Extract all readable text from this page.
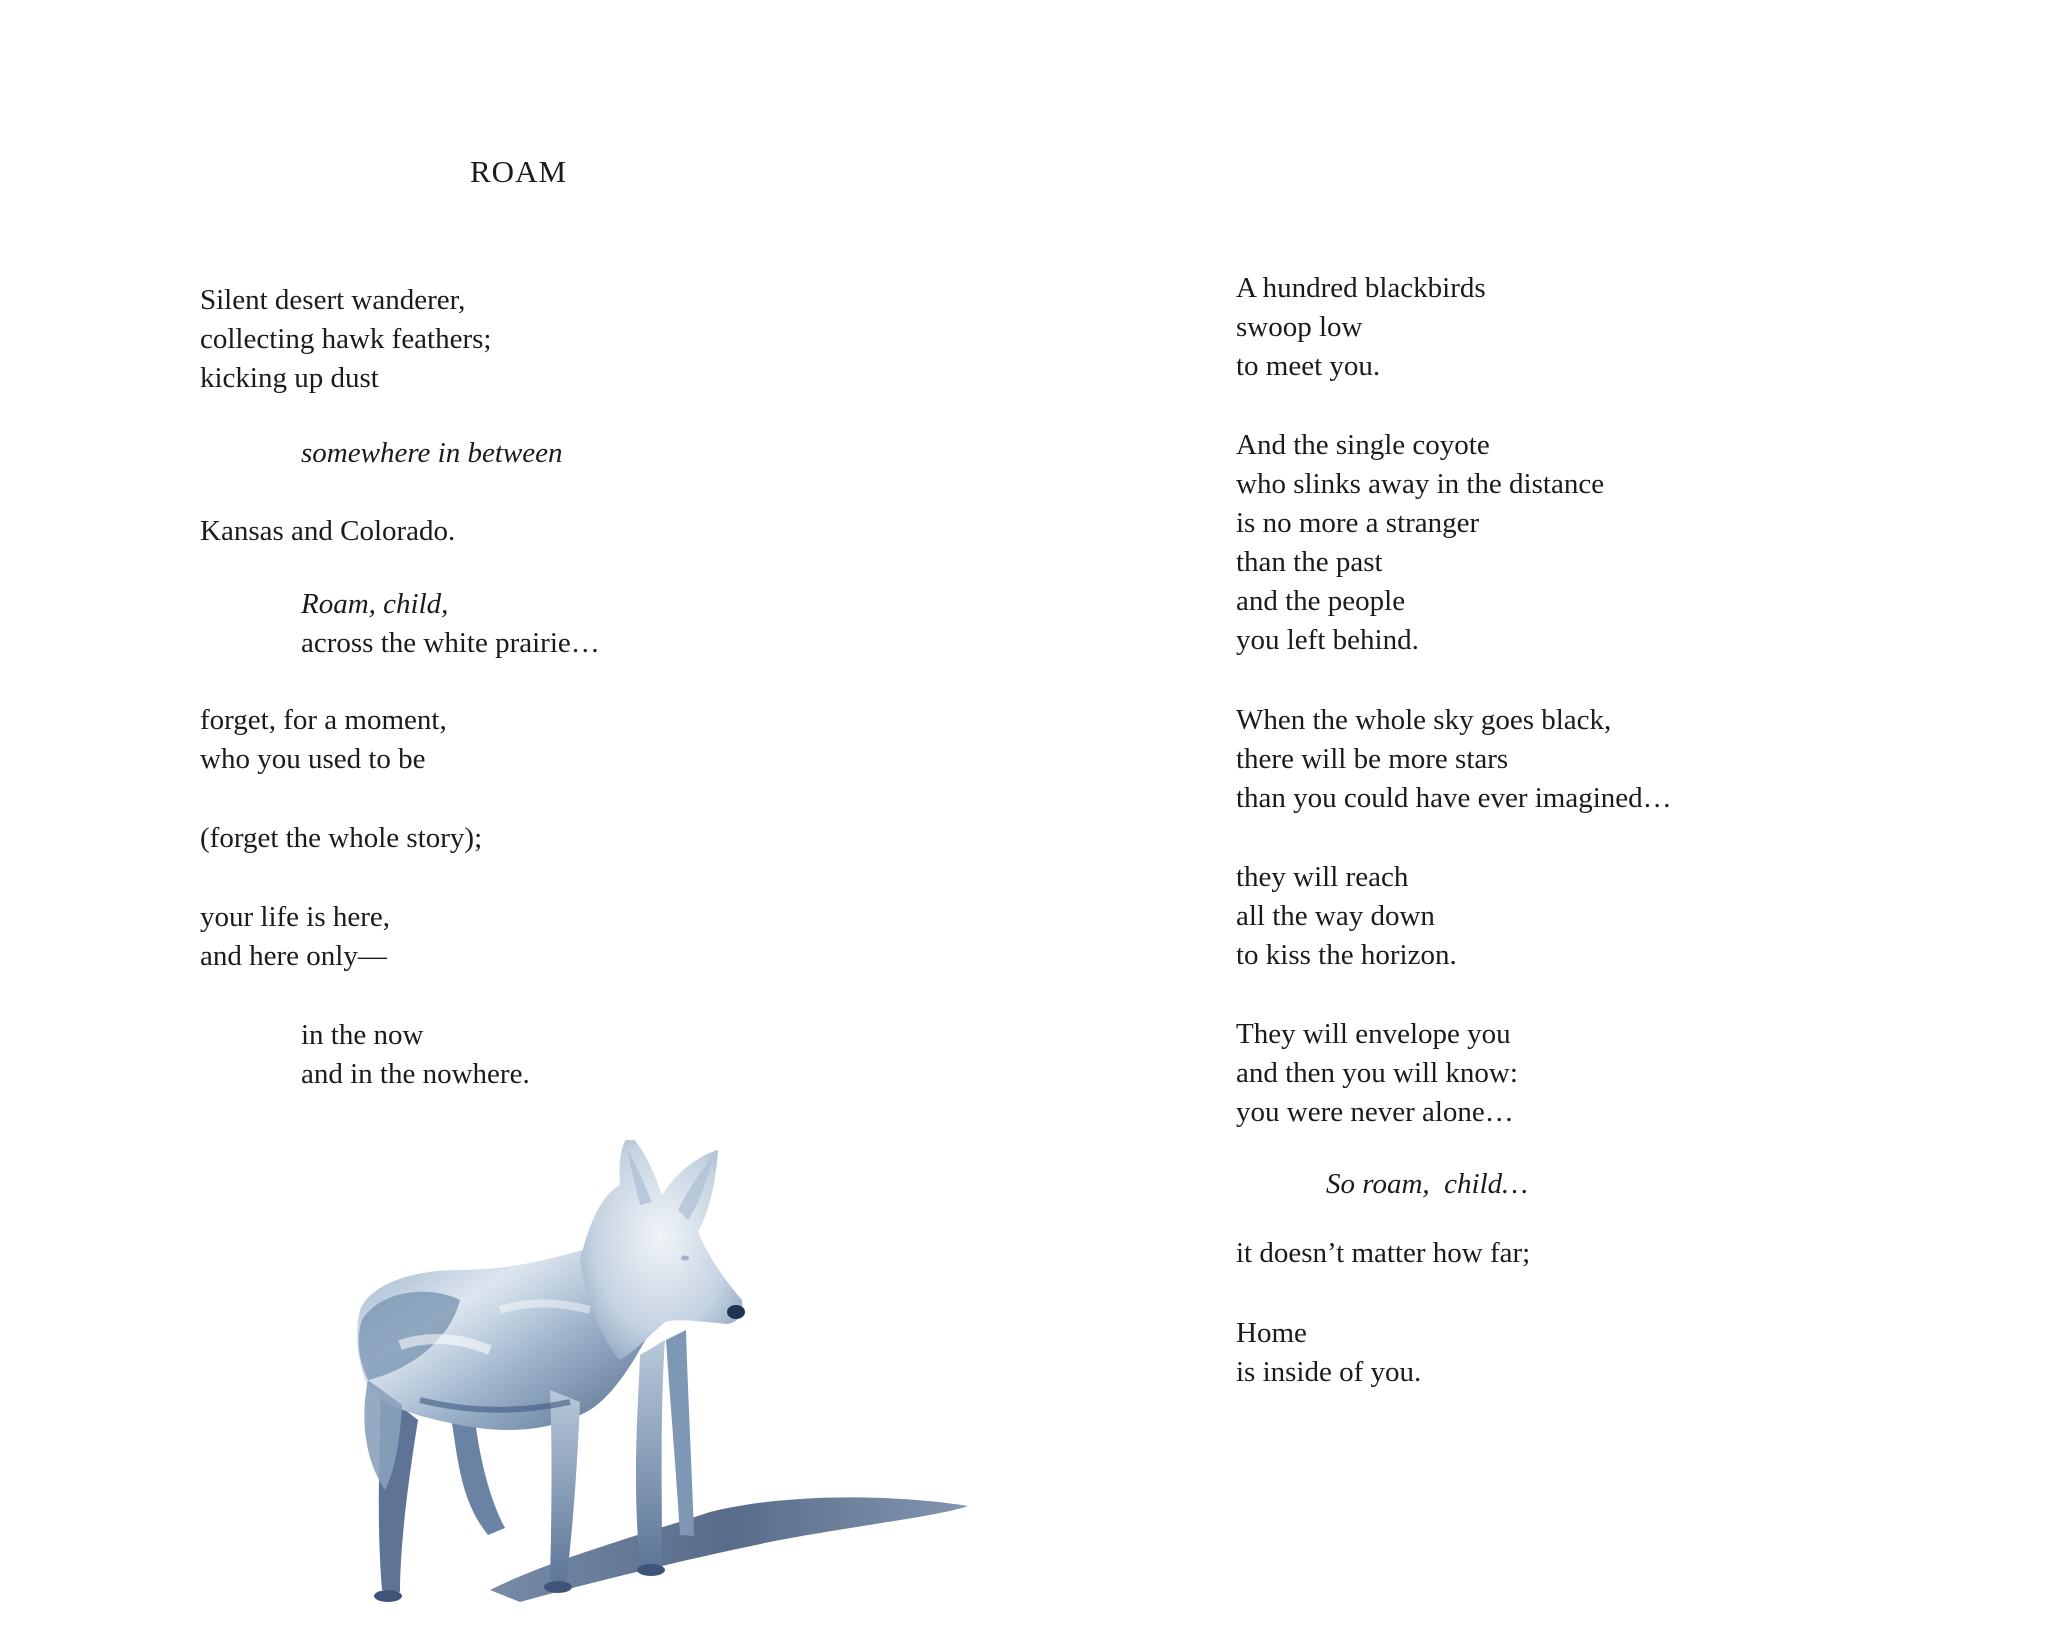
ROAM
Silent desert wanderer,
collecting hawk feathers;
kicking up dust
somewhere in between
Kansas and Colorado.
Roam, child,
across the white prairie…
forget, for a moment,
who you used to be
(forget the whole story);
your life is here,
and here only—
in the now
and in the nowhere.
A hundred blackbirds
swoop low
to meet you.
And the single coyote
who slinks away in the distance
is no more a stranger
than the past
and the people
you left behind.
When the whole sky goes black,
there will be more stars
than you could have ever imagined…
they will reach
all the way down
to kiss the horizon.
They will envelope you
and then you will know:
you were never alone…
So roam,  child…
it doesn’t matter how far;
Home
is inside of you.
